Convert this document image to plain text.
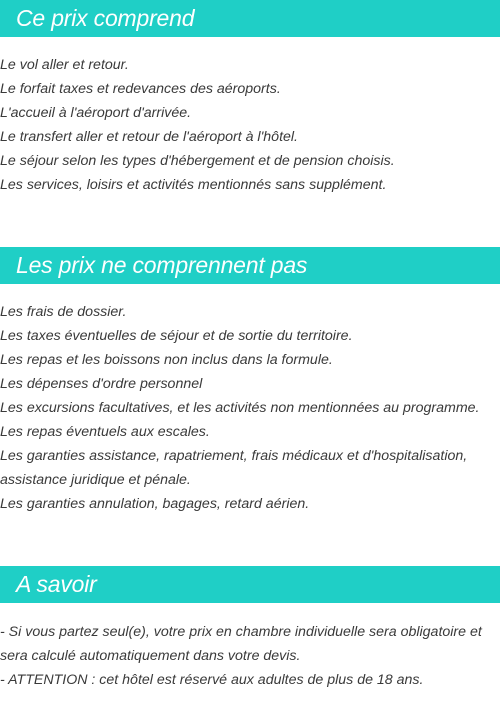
Ce prix comprend
Le vol aller et retour.
Le forfait taxes et redevances des aéroports.
L'accueil à l'aéroport d'arrivée.
Le transfert aller et retour de l'aéroport à l'hôtel.
Le séjour selon les types d'hébergement et de pension choisis.
Les services, loisirs et activités mentionnés sans supplément.
Les prix ne comprennent pas
Les frais de dossier.
Les taxes éventuelles de séjour et de sortie du territoire.
Les repas et les boissons non inclus dans la formule.
Les dépenses d'ordre personnel
Les excursions facultatives, et les activités non mentionnées au programme.
Les repas éventuels aux escales.
Les garanties assistance, rapatriement, frais médicaux et d'hospitalisation,
assistance juridique et pénale.
Les garanties annulation, bagages, retard aérien.
A savoir
- Si vous partez seul(e), votre prix en chambre individuelle sera obligatoire et
sera calculé automatiquement dans votre devis.
- ATTENTION : cet hôtel est réservé aux adultes de plus de 18 ans.
